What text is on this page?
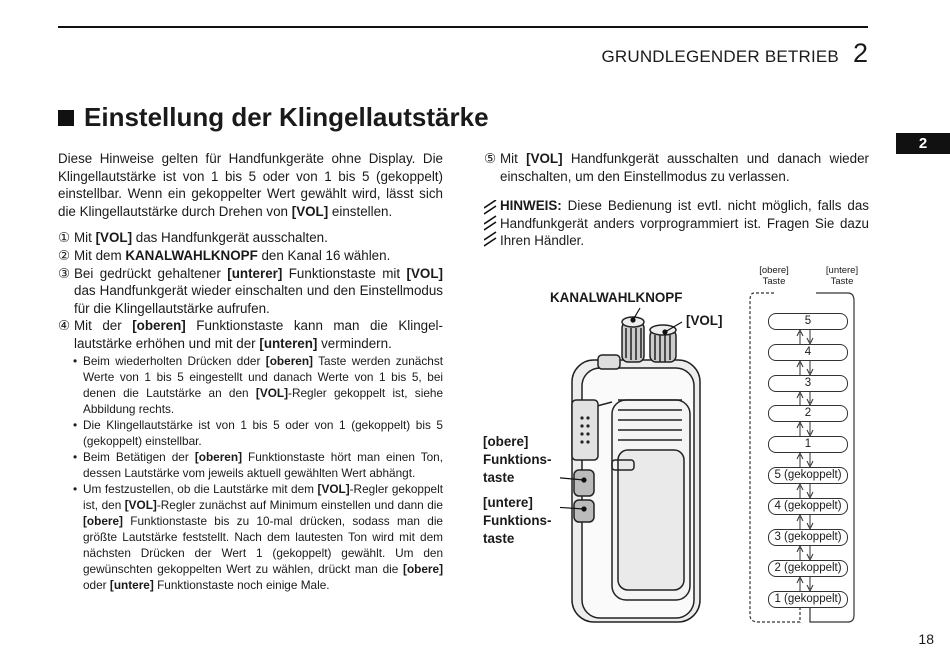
GRUNDLEGENDER BETRIEB 2
2
Einstellung der Klingellautstärke

Diese Hinweise gelten für Handfunkgeräte ohne Display. Die Klingellautstärke ist von 1 bis 5 oder von 1 bis 5 (gekoppelt) einstellbar. Wenn ein gekoppelter Wert gewählt wird, lässt sich die Klingellautstärke durch Drehen von [VOL] einstellen.

① Mit [VOL] das Handfunkgerät ausschalten.
② Mit dem KANALWAHLKNOPF den Kanal 16 wählen.
③ Bei gedrückt gehaltener [unterer] Funktionstaste mit [VOL] das Handfunkgerät wieder einschalten und den Einstellmodus für die Klingellautstärke aufrufen.
④ Mit der [oberen] Funktionstaste kann man die Klingellautstärke erhöhen und mit der [unteren] vermindern.
• Beim wiederholten Drücken dder [oberen] Taste werden zunächst Werte von 1 bis 5 eingestellt und danach Werte von 1 bis 5, bei denen die Lautstärke an den [VOL]-Regler gekoppelt ist, siehe Abbildung rechts.
• Die Klingellautstärke ist von 1 bis 5 oder von 1 (gekoppelt) bis 5 (gekoppelt) einstellbar.
• Beim Betätigen der [oberen] Funktionstaste hört man einen Ton, dessen Lautstärke vom jeweils aktuell gewählten Wert abhängt.
• Um festzustellen, ob die Lautstärke mit dem [VOL]-Regler gekoppelt ist, den [VOL]-Regler zunächst auf Minimum einstellen und dann die [obere] Funktionstaste bis zu 10-mal drücken, sodass man die größte Lautstärke feststellt. Nach dem lautesten Ton wird mit dem nächsten Drücken der Wert 1 (gekoppelt) gewählt. Um den gewünschten gekoppelten Wert zu wählen, drückt man die [obere] oder [untere] Funktionstaste noch einige Male.
⑤ Mit [VOL] Handfunkgerät ausschalten und danach wieder einschalten, um den Einstellmodus zu verlassen.
HINWEIS: Diese Bedienung ist evtl. nicht möglich, falls das Handfunkgerät anders vorprogrammiert ist. Fragen Sie dazu Ihren Händler.
KANALWAHLKNOPF
[VOL]
[obere]
Funktions-
taste
[untere]
Funktions-
taste
[obere]
Taste
[untere]
Taste
5
4
3
2
1
5 (gekoppelt)
4 (gekoppelt)
3 (gekoppelt)
2 (gekoppelt)
1 (gekoppelt)
18
